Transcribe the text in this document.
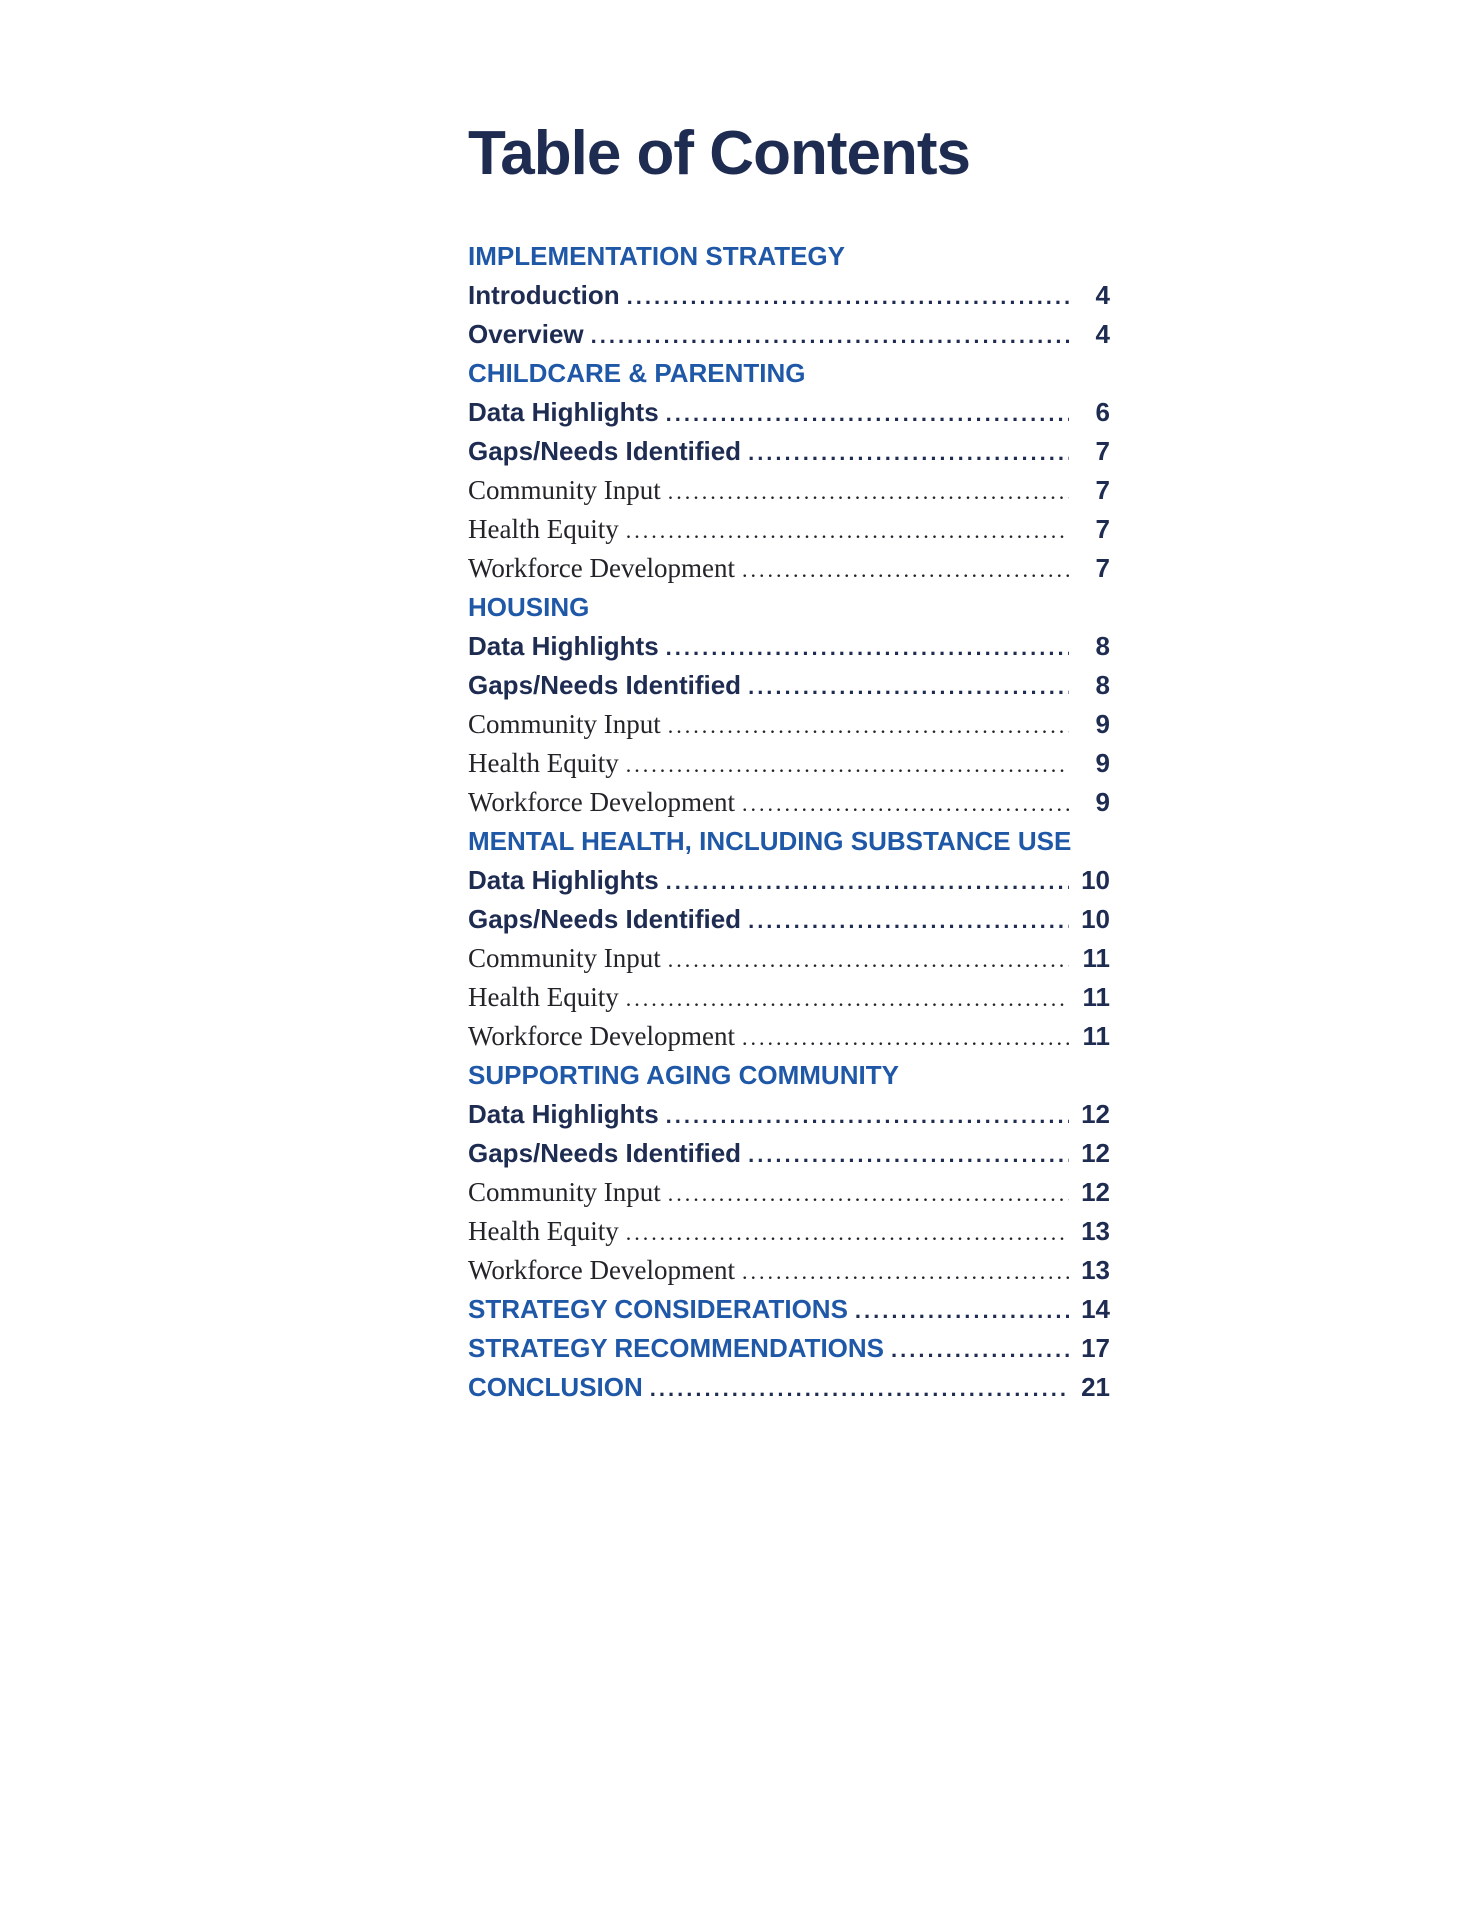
Table of Contents
IMPLEMENTATION STRATEGY
Introduction .....	4
Overview .....	4
CHILDCARE & PARENTING
Data Highlights .....	6
Gaps/Needs Identified .....	7
Community Input .....	7
Health Equity .....	7
Workforce Development .....	7
HOUSING
Data Highlights .....	8
Gaps/Needs Identified .....	8
Community Input .....	9
Health Equity .....	9
Workforce Development .....	9
MENTAL HEALTH, INCLUDING SUBSTANCE USE
Data Highlights .....	10
Gaps/Needs Identified .....	10
Community Input .....	11
Health Equity .....	11
Workforce Development .....	11
SUPPORTING AGING COMMUNITY
Data Highlights .....	12
Gaps/Needs Identified .....	12
Community Input .....	12
Health Equity .....	13
Workforce Development .....	13
STRATEGY CONSIDERATIONS .....	14
STRATEGY RECOMMENDATIONS .....	17
CONCLUSION .....	21
